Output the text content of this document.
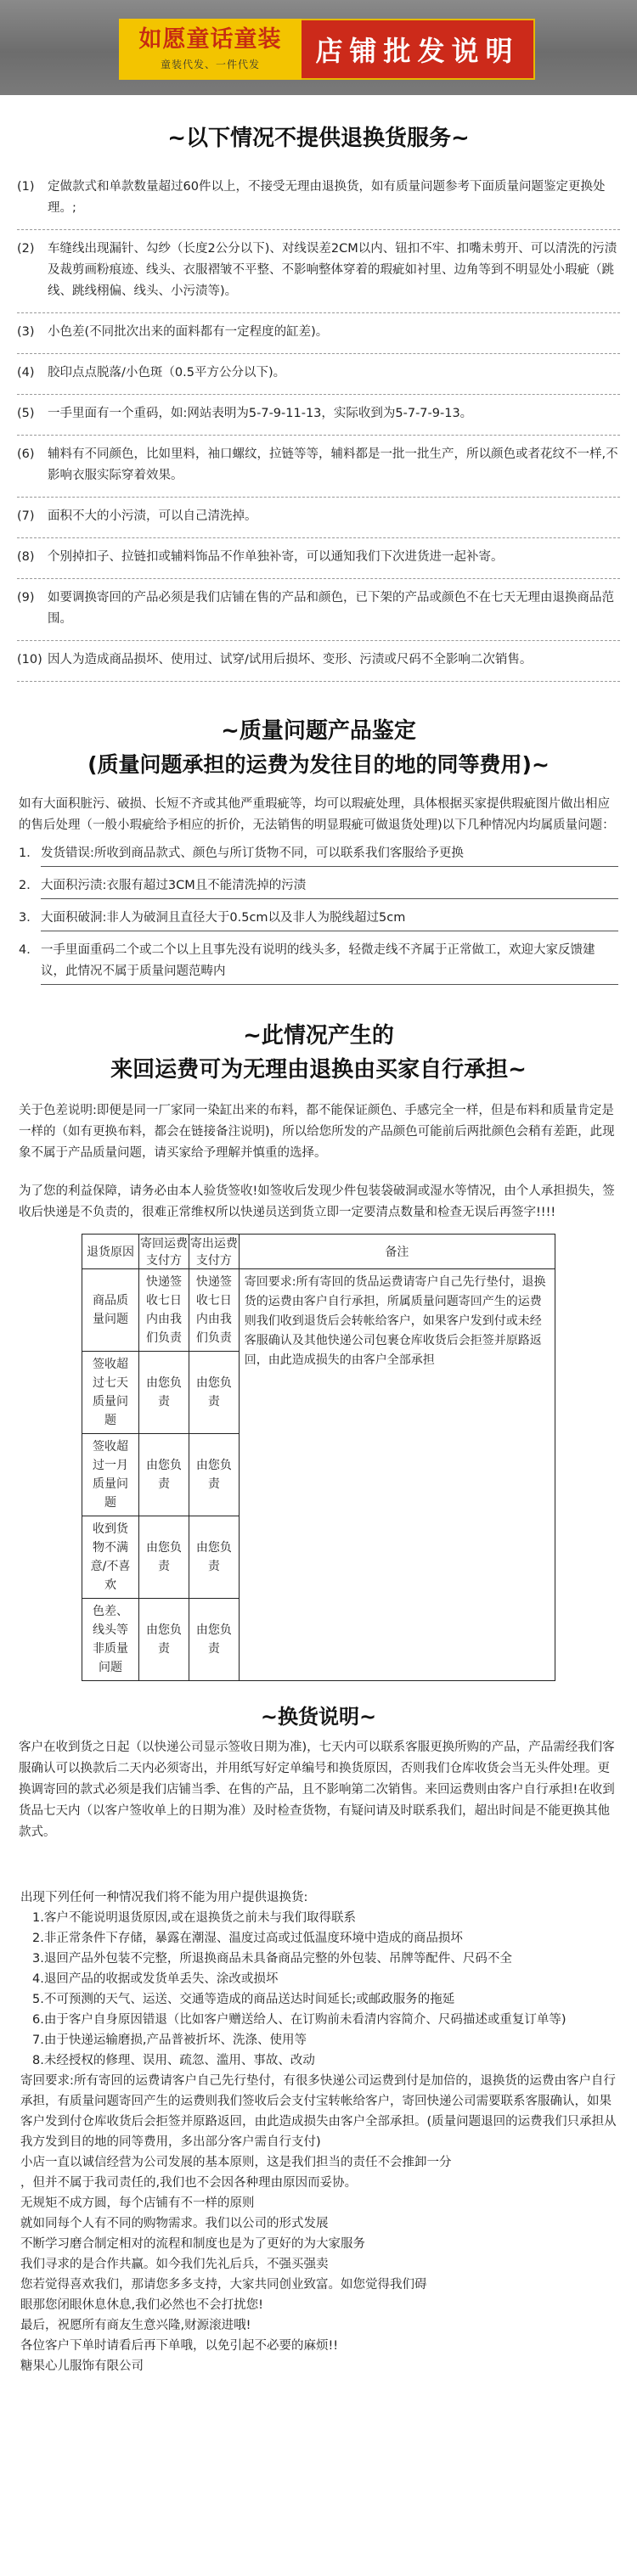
如愿童话童装
童装代发、一件代发 店铺批发说明
~以下情况不提供退换货服务~
(1)	定做款式和单款数量超过60件以上，不接受无理由退换货，如有质量问题参考下面质量问题鉴定更换处理。;
(2)	车缝线出现漏针、勾纱（长度2公分以下)、对线误差2CM以内、钮扣不牢、扣嘴未剪开、可以清洗的污渍及裁剪画粉痕迹、线头、衣服褶皱不平整、不影响整体穿着的瑕疵如衬里、边角等到不明显处小瑕疵（跳线、跳线栩偏、线头、小污渍等)。
(3)	小色差(不同批次出来的面料都有一定程度的缸差)。
(4)	胶印点点脱落/小色斑（0.5平方公分以下)。
(5)	一手里面有一个重码，如:网站表明为5-7-9-11-13，实际收到为5-7-7-9-13。
(6)	辅料有不同颜色，比如里料，袖口螺纹，拉链等等，辅料都是一批一批生产，所以颜色或者花纹不一样,不影响衣服实际穿着效果。
(7)	面积不大的小污渍，可以自己清洗掉。
(8)	个别掉扣子、拉链扣或辅料饰品不作单独补寄，可以通知我们下次进货进一起补寄。
(9)	如要调换寄回的产品必须是我们店铺在售的产品和颜色，已下架的产品或颜色不在七天无理由退换商品范围。
(10) 因人为造成商品损坏、使用过、试穿/试用后损坏、变形、污渍或尺码不全影响二次销售。
~质量问题产品鉴定
(质量问题承担的运费为发往目的地的同等费用)~
如有大面积脏污、破损、长短不齐或其他严重瑕疵等，均可以瑕疵处理，具体根据买家提供瑕疵图片做出相应的售后处理（一般小瑕疵给予相应的折价，无法销售的明显瑕疵可做退货处理)以下几种情况内均属质量问题：
1． 发货错误:所收到商品款式、颜色与所订货物不同，可以联系我们客服给予更换
2． 大面积污渍:衣服有超过3CM且不能清洗掉的污渍
3． 大面积破洞:非人为破洞且直径大于0.5cm以及非人为脱线超过5cm
4． 一手里面重码二个或二个以上且事先没有说明的线头多，轻微走线不齐属于正常做工，欢迎大家反馈建议，此情况不属于质量问题范畴内
~此情况产生的
来回运费可为无理由退换由买家自行承担~
关于色差说明:即便是同一厂家同一染缸出来的布料，都不能保证颜色、手感完全一样，但是布料和质量肯定是一样的（如有更换布料，都会在链接备注说明)，所以给您所发的产品颜色可能前后两批颜色会稍有差距，此现象不属于产品质量问题，请买家给予理解并慎重的选择。
为了您的利益保障，请务必由本人验货签收!如签收后发现少件包装袋破洞或湿水等情况，由个人承担损失，签收后快递是不负责的，很难正常维权所以快递员送到货立即一定要清点数量和检查无误后再签字!!!!
退货原因	寄回运费支付方	寄出运费支付方	备注
商品质量问题	快递签收七日内由我们负责	快递签收七日内由我们负责	寄回要求:所有寄回的货品运费请寄户自己先行垫付，退换货的运费由客户自行承担，所属质量问题寄回产生的运费则我们收到退货后会转帐给客户，如果客户发到付或未经客服确认及其他快递公司包裹仓库收货后会拒签并原路返回，由此造成损失的由客户全部承担
签收超过七天质量问题	由您负责	由您负责	
签收超过一月质量问题	由您负责	由您负责	
收到货物不满意/不喜欢	由您负责	由您负责	
色差、线头等非质量问题	由您负责	由您负责	
~换货说明~
客户在收到货之日起（以快递公司显示签收日期为准)，七天内可以联系客服更换所购的产品，产品需经我们客服确认可以换款后二天内必须寄出，并用纸写好定单编号和换货原因，否则我们仓库收货会当无头件处理。更换调寄回的款式必须是我们店铺当季、在售的产品，且不影响第二次销售。来回运费则由客户自行承担!在收到货品七天内（以客户签收单上的日期为准）及时检查货物，有疑问请及时联系我们，超出时间是不能更换其他款式。
出现下列任何一种情况我们将不能为用户提供退换货:
1.客户不能说明退货原因,或在退换货之前未与我们取得联系
2.非正常条件下存储，暴露在潮湿、温度过高或过低温度环境中造成的商品损坏
3.退回产品外包装不完整，所退换商品未具备商品完整的外包装、吊牌等配件、尺码不全
4.退回产品的收据或发货单丢失、涂改或损坏
5.不可预测的天气、运送、交通等造成的商品送达时间延长;或邮政服务的拖延
6.由于客户自身原因错退（比如客户赠送给人、在订购前未看清内容简介、尺码描述或重复订单等)
7.由于快递运输磨损,产品普被折坏、洗涤、使用等
8.未经授权的修理、误用、疏忽、滥用、事故、改动
寄回要求:所有寄回的运费请客户自己先行垫付，有很多快递公司运费到付是加倍的，退换货的运费由客户自行承担，有质量问题寄回产生的运费则我们签收后会支付宝转帐给客户，寄回快递公司需要联系客服确认，如果客户发到付仓库收货后会拒签并原路返回，由此造成损失由客户全部承担。(质量问题退回的运费我们只承担从我方发到目的地的同等费用，多出部分客户需自行支付)
小店一直以诚信经营为公司发展的基本原则，这是我们担当的责任不会推卸一分
，但并不属于我司责任的,我们也不会因各种理由原因而妥协。
无规矩不成方圆，每个店铺有不一样的原则
就如同每个人有不同的购物需求。我们以公司的形式发展
不断学习磨合制定相对的流程和制度也是为了更好的为大家服务
我们寻求的是合作共赢。如今我们先礼后兵，不强买强卖
您若觉得喜欢我们，那请您多多支持，大家共同创业致富。如您觉得我们碍
眼那您闭眼休息休息,我们必然也不会打扰您!
最后，祝愿所有商友生意兴隆,财源滚进哦!
各位客户下单时请看后再下单哦，以免引起不必要的麻烦!!
糖果心儿服饰有限公司
